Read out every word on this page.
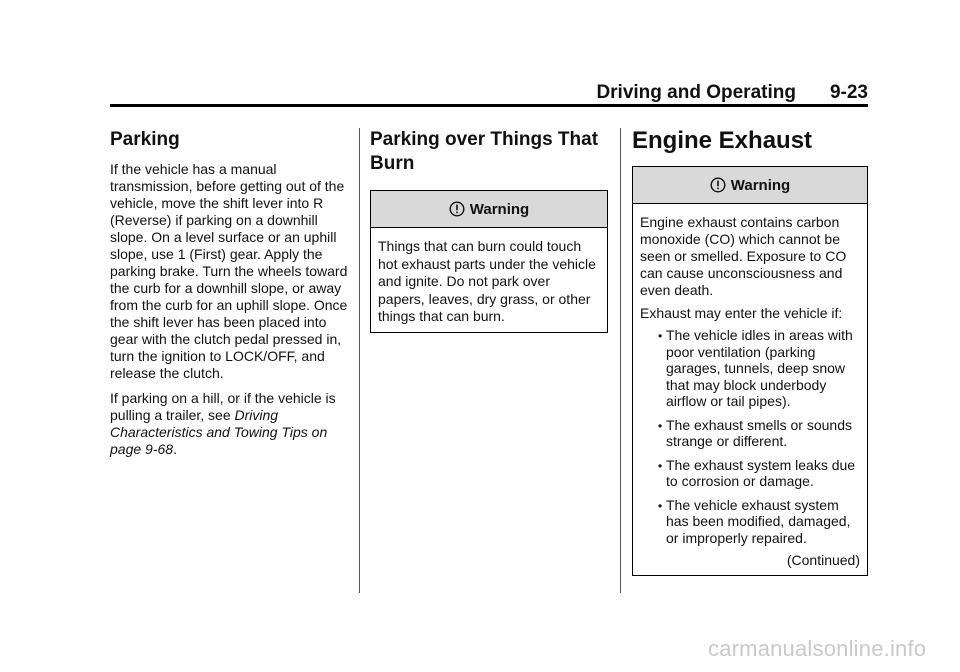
Driving and Operating 9-23
Parking

If the vehicle has a manual transmission, before getting out of the vehicle, move the shift lever into R (Reverse) if parking on a downhill slope. On a level surface or an uphill slope, use 1 (First) gear. Apply the parking brake. Turn the wheels toward the curb for a downhill slope, or away from the curb for an uphill slope. Once the shift lever has been placed into gear with the clutch pedal pressed in, turn the ignition to LOCK/OFF, and release the clutch.

If parking on a hill, or if the vehicle is pulling a trailer, see Driving Characteristics and Towing Tips on page 9-68.

Parking over Things That Burn
Warning

Things that can burn could touch hot exhaust parts under the vehicle and ignite. Do not park over papers, leaves, dry grass, or other things that can burn.

Engine Exhaust
Warning

Engine exhaust contains carbon monoxide (CO) which cannot be seen or smelled. Exposure to CO can cause unconsciousness and even death.

Exhaust may enter the vehicle if:

• The vehicle idles in areas with poor ventilation (parking garages, tunnels, deep snow that may block underbody airflow or tail pipes).
• The exhaust smells or sounds strange or different.
• The exhaust system leaks due to corrosion or damage.
• The vehicle exhaust system has been modified, damaged, or improperly repaired.
(Continued)
carmanualsonline.info
